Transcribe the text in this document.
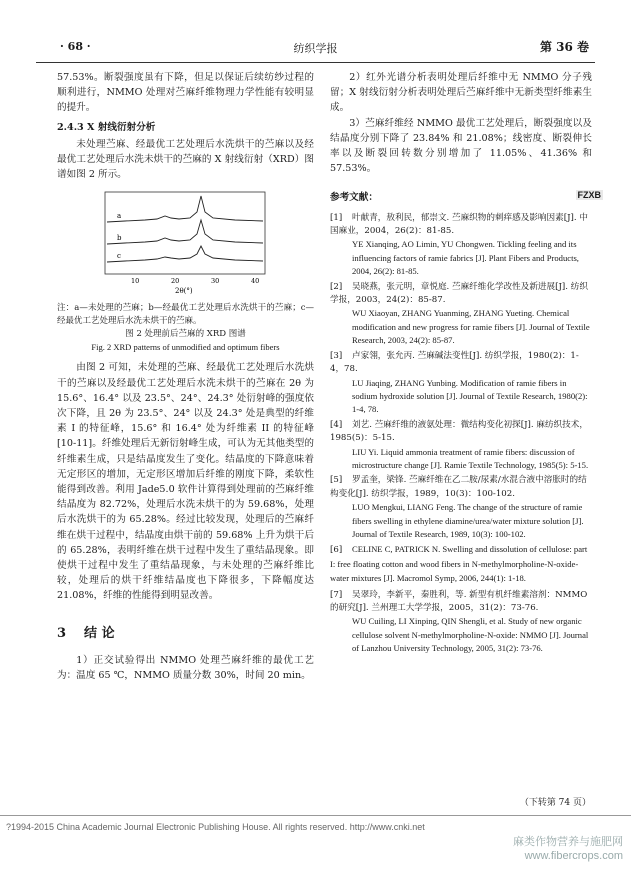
· 68 ·	纺织学报	第 36 卷

57.53%。断裂强度虽有下降，但足以保证后续纺纱过程的顺利进行，NMMO 处理对苎麻纤维物理力学性能有较明显的提升。

2.4.3 X 射线衍射分析

未处理苎麻、经最优工艺处理后水洗烘干的苎麻以及经最优工艺处理后水洗未烘干的苎麻的 X 射线衍射（XRD）图谱如图 2 所示。

a
b
c
10	20	30	40
2θ(°)

注：a—未处理的苎麻；b—经最优工艺处理后水洗烘干的苎麻；c—经最优工艺处理后水洗未烘干的苎麻。

图 2 处理前后苎麻的 XRD 图谱

Fig. 2 XRD patterns of unmodified and optimum fibers

由图 2 可知，未处理的苎麻、经最优工艺处理后水洗烘干的苎麻以及经最优工艺处理后水洗未烘干的苎麻在 2θ 为 15.6°、16.4° 以及 23.5°、24°、24.3° 处衍射峰的强度依次下降，且 2θ 为 23.5°、24° 以及 24.3° 处是典型的纤维素 I 的特征峰，15.6° 和 16.4° 处为纤维素 II 的特征峰 [10-11]。纤维处理后无新衍射峰生成，可认为无其他类型的纤维素生成，只是结晶度发生了变化。结晶度的下降意味着无定形区的增加，无定形区增加后纤维的刚度下降，柔软性能得到改善。利用 Jade5.0 软件计算得到处理前的苎麻纤维结晶度为 82.72%，处理后水洗未烘干的为 59.68%，处理后水洗烘干的为 65.28%。经过比较发现，处理后的苎麻纤维在烘干过程中，结晶度由烘干前的 59.68% 上升为烘干后的 65.28%，表明纤维在烘干过程中发生了重结晶现象。即使烘干过程中发生了重结晶现象，与未处理的苎麻纤维比较，处理后的烘干纤维结晶度也下降很多，下降幅度达 21.08%，纤维的性能得到明显改善。

3 结 论

1）正交试验得出 NMMO 处理苎麻纤维的最优工艺为：温度 65 ℃，NMMO 质量分数 30%，时间 20 min。

2）红外光谱分析表明处理后纤维中无 NMMO 分子残留；X 射线衍射分析表明处理后苎麻纤维中无新类型纤维素生成。

3）苎麻纤维经 NMMO 最优工艺处理后，断裂强度以及结晶度分别下降了 23.84% 和 21.08%；线密度、断裂伸长率以及断裂回转数分别增加了 11.05%、41.36% 和 57.53%。

参考文献：

[1] 叶献青，敖利民，郁崇文. 苎麻织物的刺痒感及影响因素[J]. 中国麻业，2004，26(2)：81-85.
YE Xianqing, AO Limin, YU Chongwen. Tickling feeling and its influencing factors of ramie fabrics [J]. Plant Fibers and Products, 2004, 26(2): 81-85.
[2] 吴晓燕，张元明，章悦庭. 苎麻纤维化学改性及新进展[J]. 纺织学报，2003，24(2)：85-87.
WU Xiaoyan, ZHANG Yuanming, ZHANG Yueting. Chemical modification and new progress for ramie fibers [J]. Journal of Textile Research, 2003, 24(2): 85-87.
[3] 卢家翎，张允丙. 苎麻碱法变性[J]. 纺织学报，1980(2)：1-4，78.
LU Jiaqing, ZHANG Yunbing. Modification of ramie fibers in sodium hydroxide solution [J]. Journal of Textile Research, 1980(2): 1-4, 78.
[4] 刘艺. 苎麻纤维的液氨处理：微结构变化初探[J]. 麻纺织技术，1985(5)：5-15.
LIU Yi. Liquid ammonia treatment of ramie fibers: discussion of microstructure change [J]. Ramie Textile Technology, 1985(5): 5-15.
[5] 罗孟奎，梁锋. 苎麻纤维在乙二胺/尿素/水混合液中溶胀时的结构变化[J]. 纺织学报，1989，10(3)：100-102.
LUO Mengkui, LIANG Feng. The change of the structure of ramie fibers swelling in ethylene diamine/urea/water mixture solution [J]. Journal of Textile Research, 1989, 10(3): 100-102.
[6] CELINE C, PATRICK N. Swelling and dissolution of cellulose: part I: free floating cotton and wood fibers in N-methylmorpholine-N-oxide-water mixtures [J]. Macromol Symp, 2006, 244(1): 1-18.
[7] 吴翠玲，李新平，秦胜利，等. 新型有机纤维素溶剂：NMMO 的研究[J]. 兰州理工大学学报，2005，31(2)：73-76.
WU Cuiling, LI Xinping, QIN Shengli, et al. Study of new organic cellulose solvent N-methylmorpholine-N-oxide: NMMO [J]. Journal of Lanzhou University Technology, 2005, 31(2): 73-76.
FZXB
（下转第 74 页）
?1994-2015 China Academic Journal Electronic Publishing House. All rights reserved. http://www.cnki.net
麻类作物营养与施肥网
www.fibercrops.com
